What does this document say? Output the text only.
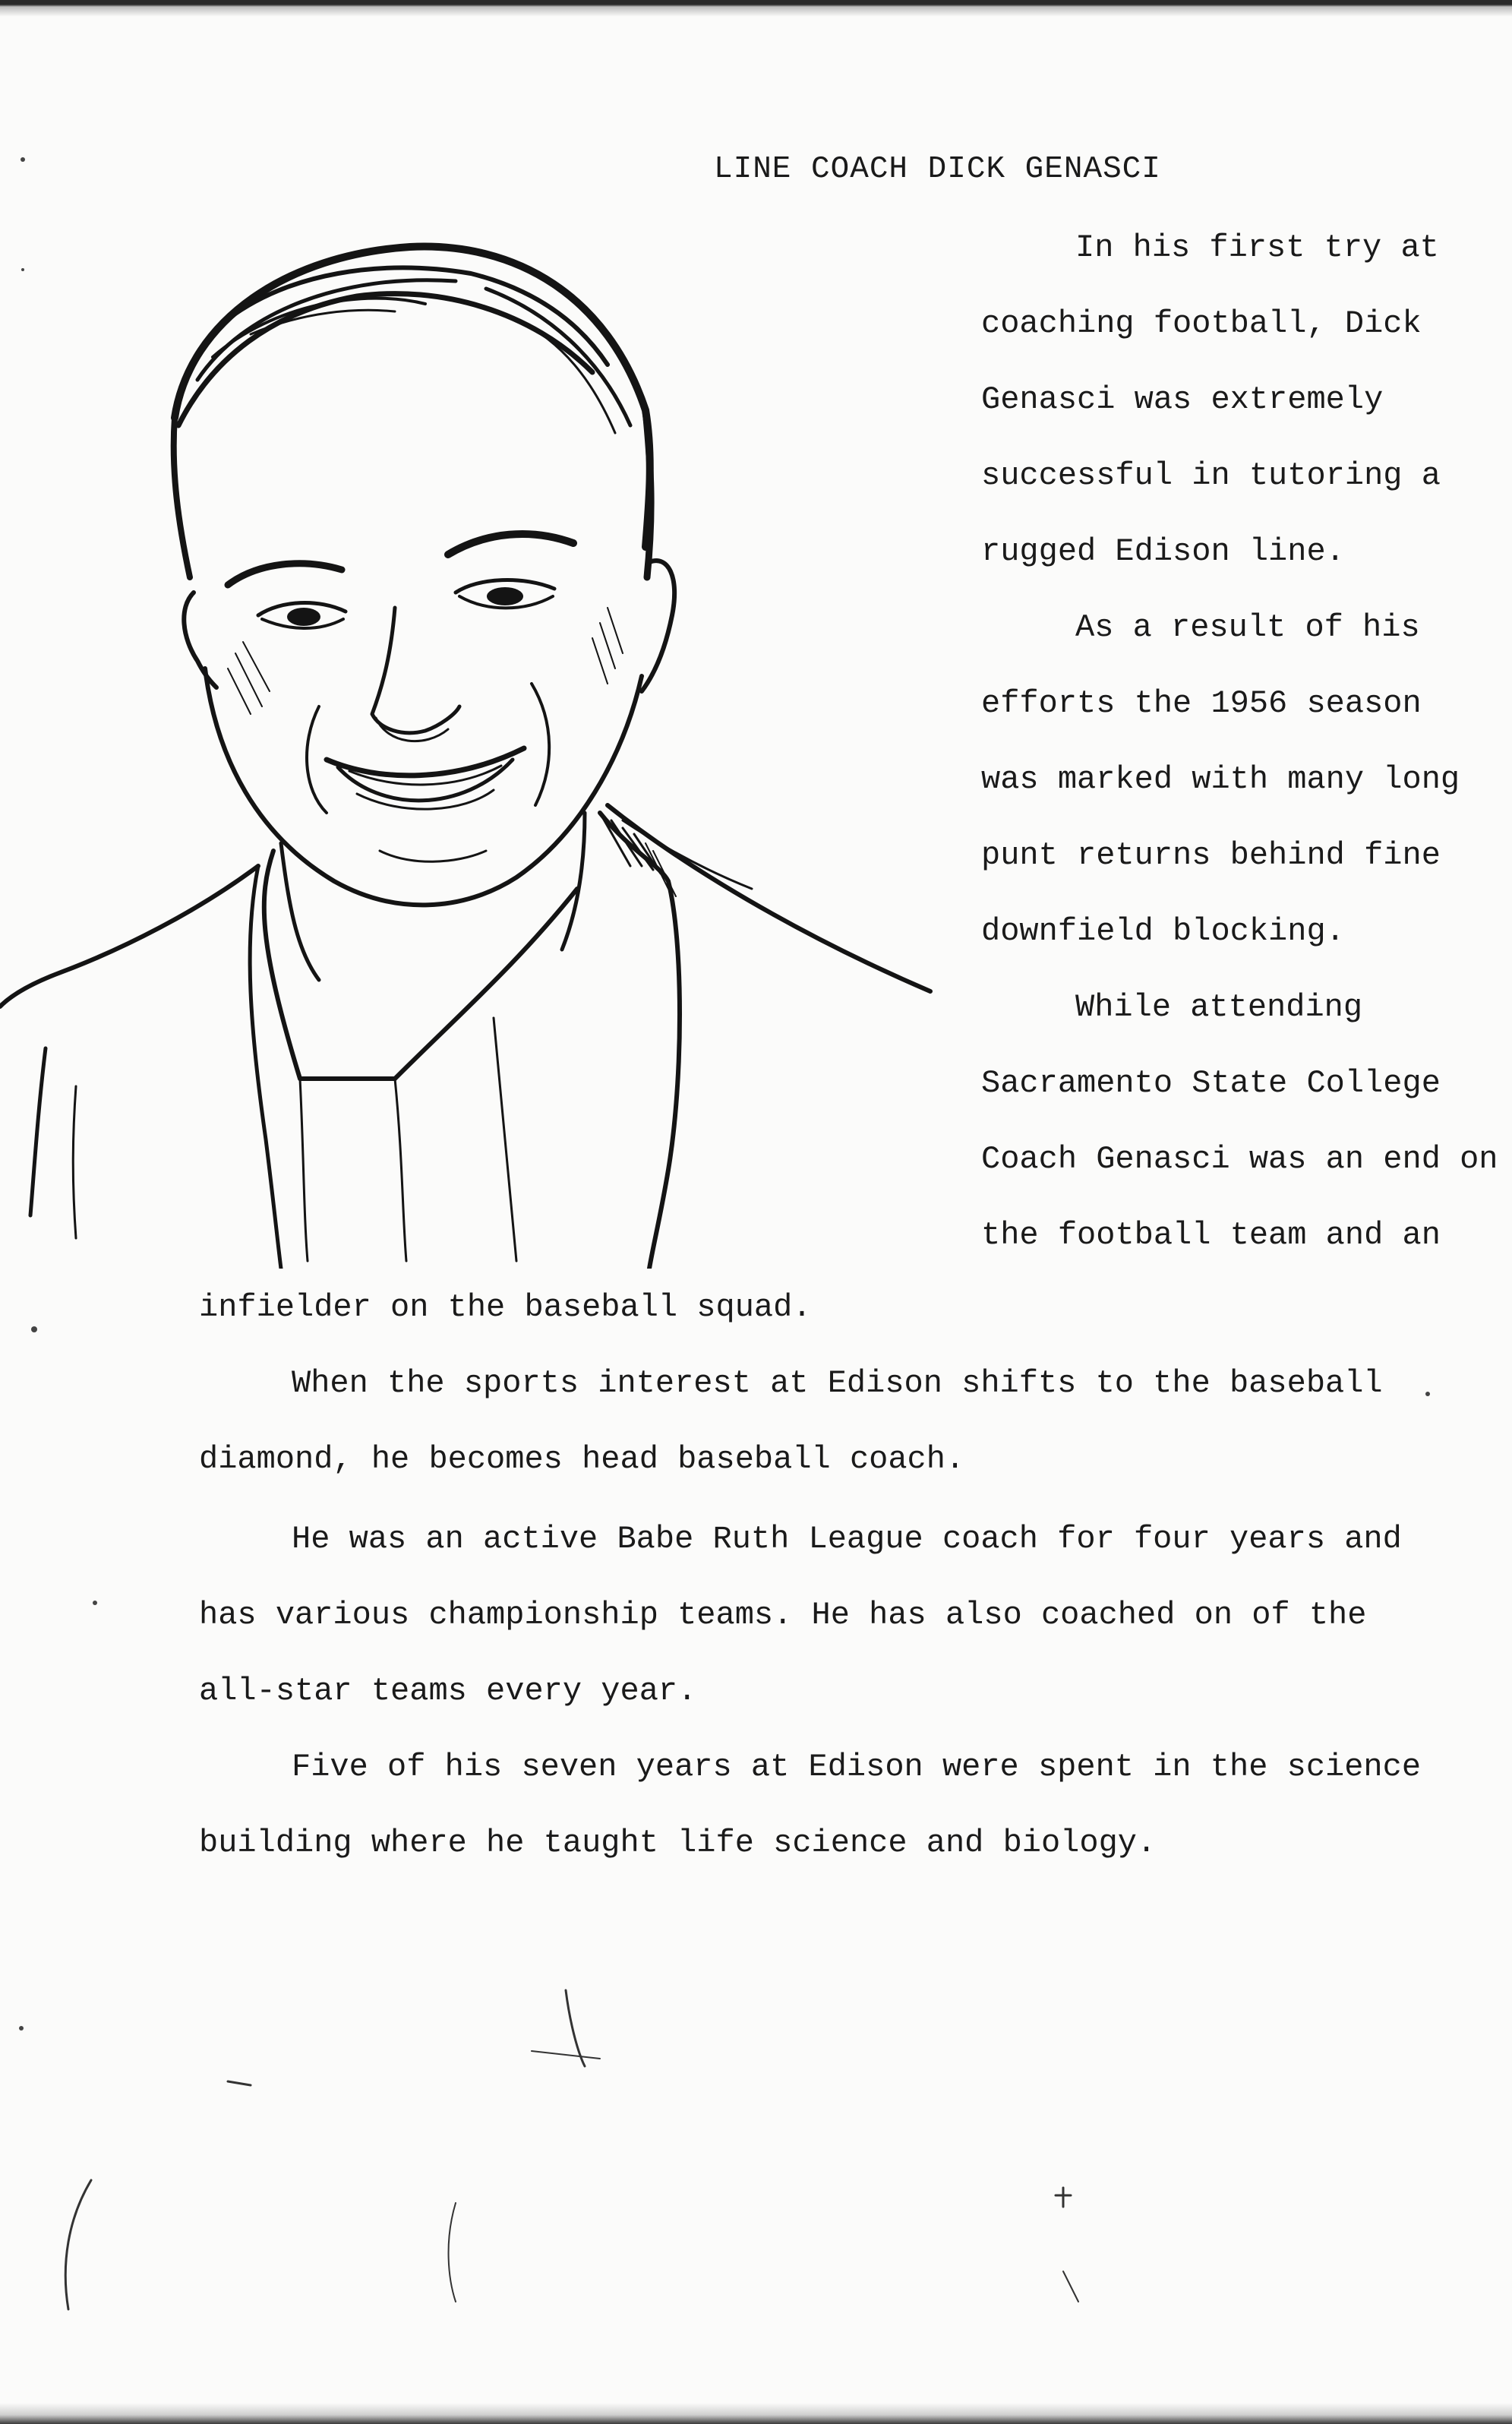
LINE COACH DICK GENASCI
In his first try at
coaching football, Dick
Genasci was extremely
successful in tutoring a
rugged Edison line.
As a result of his
efforts the 1956 season
was marked with many long
punt returns behind fine
downfield blocking.
While attending
Sacramento State College
Coach Genasci was an end on
the football team and an
infielder on the baseball squad.
When the sports interest at Edison shifts to the baseball
diamond, he becomes head baseball coach.
He was an active Babe Ruth League coach for four years and
has various championship teams. He has also coached on of the
all-star teams every year.
Five of his seven years at Edison were spent in the science
building where he taught life science and biology.
